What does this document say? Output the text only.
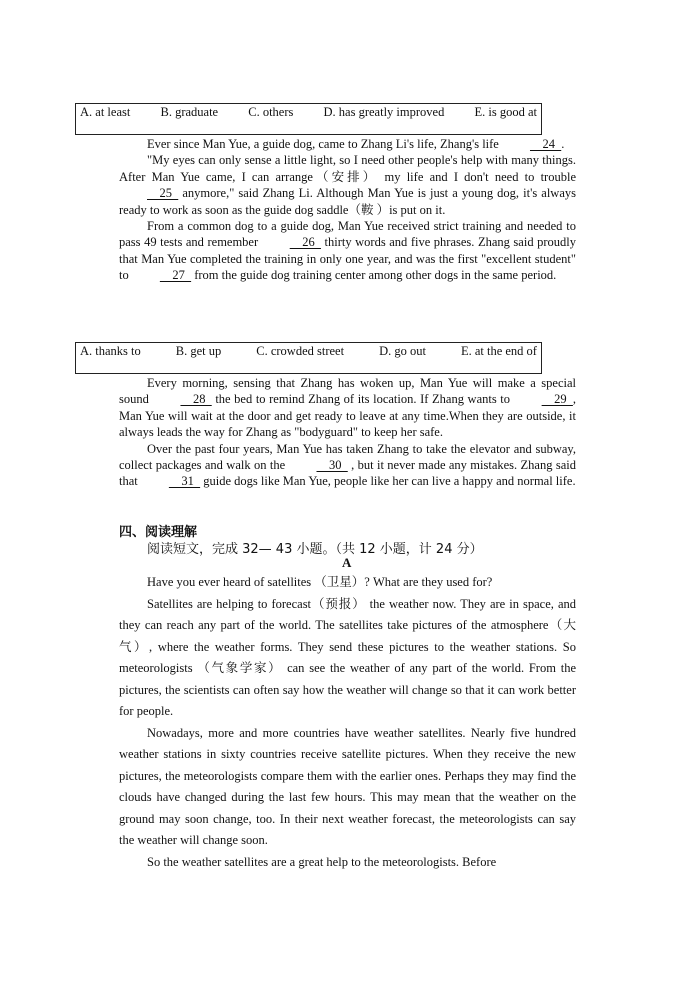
A. at least B. graduate C. others D. has greatly improved E. is good at

Ever since Man Yue, a guide dog, came to Zhang Li's life, Zhang's life     24  .

"My eyes can only sense a little light, so I need other people's help with many things. After Man Yue came, I can arrange（安排） my life and I don't need to trouble     25   anymore," said Zhang Li. Although Man Yue is just a young dog, it's always ready to work as soon as the guide dog saddle（鞍 ）is put on it.

From a common dog to a guide dog, Man Yue received strict training and needed to pass 49 tests and remember     26   thirty words and five phrases. Zhang said proudly that Man Yue completed the training in only one year, and was the first "excellent student" to     27   from the guide dog training center among other dogs in the same period.

A. thanks to	B. get up	C. crowded street	D. go out	E. at the end of

Every morning, sensing that Zhang has woken up, Man Yue will make a special sound     28   the bed to remind Zhang of its location. If Zhang wants to     29  , Man Yue will wait at the door and get ready to leave at any time.When they are outside, it always leads the way for Zhang as "bodyguard" to keep her safe.

Over the past four years, Man Yue has taken Zhang to take the elevator and subway, collect packages and walk on the     30   , but it never made any mistakes. Zhang said that     31   guide dogs like Man Yue, people like her can live a happy and normal life.

四、阅读理解
阅读短文，完成 32— 43 小题。（共 12 小题，计 24 分）
A

Have you ever heard of satellites （卫星）? What are they used for?

Satellites are helping to forecast（预报） the weather now. They are in space, and they can reach any part of the world. The satellites take pictures of the atmosphere（大气）, where the weather forms. They send these pictures to the weather stations. So meteorologists （气象学家） can see the weather of any part of the world. From the pictures, the scientists can often say how the weather will change so that it can work better for people.

Nowadays, more and more countries have weather satellites. Nearly five hundred weather stations in sixty countries receive satellite pictures. When they receive the new pictures, the meteorologists compare them with the earlier ones. Perhaps they may find the clouds have changed during the last few hours. This may mean that the weather on the ground may soon change, too. In their next weather forecast, the meteorologists can say the weather will change soon.

So the weather satellites are a great help to the meteorologists. Before
